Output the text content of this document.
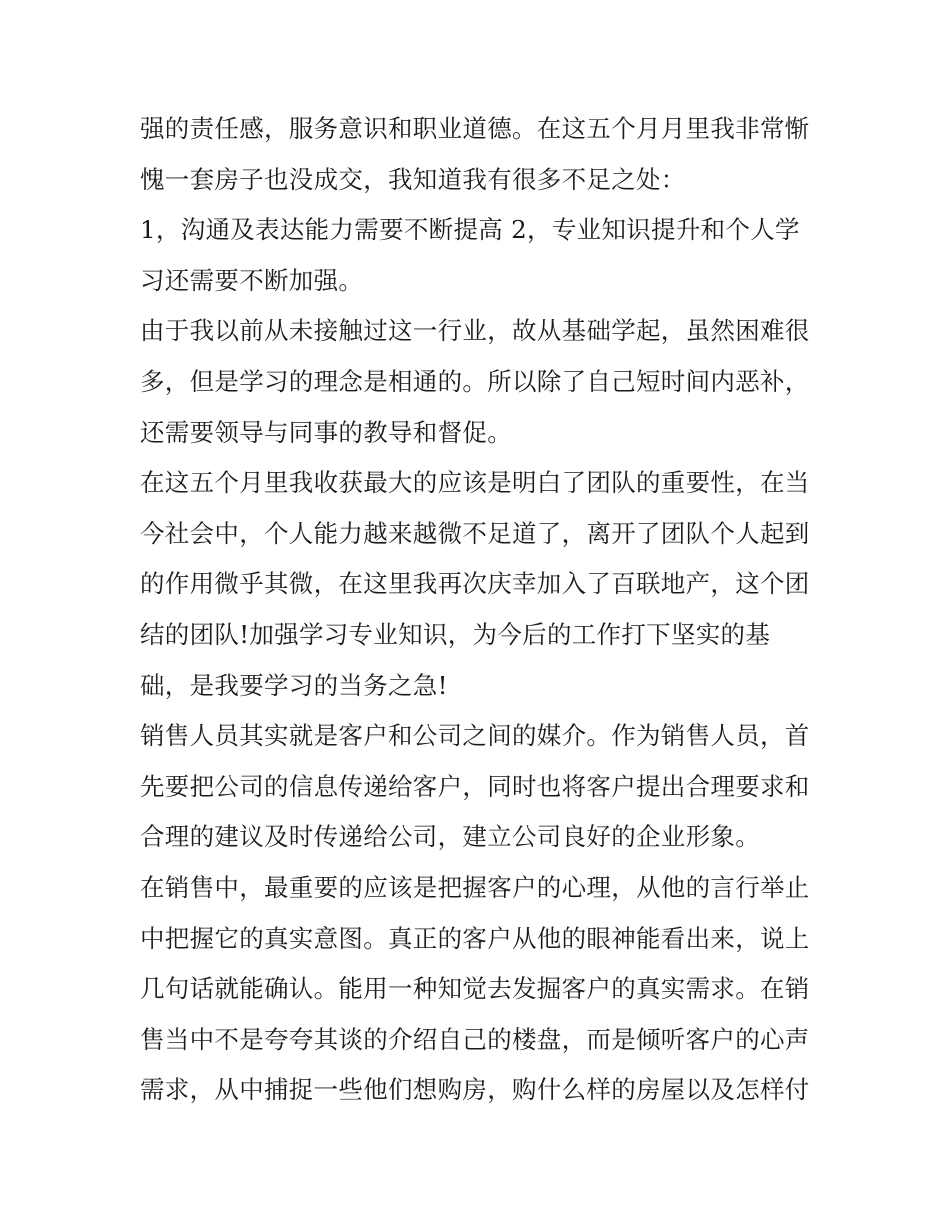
强的责任感，服务意识和职业道德。在这五个月月里我非常惭
愧一套房子也没成交，我知道我有很多不足之处：
1，沟通及表达能力需要不断提高 2，专业知识提升和个人学
习还需要不断加强。
由于我以前从未接触过这一行业，故从基础学起，虽然困难很
多，但是学习的理念是相通的。所以除了自己短时间内恶补，
还需要领导与同事的教导和督促。
在这五个月里我收获最大的应该是明白了团队的重要性，在当
今社会中，个人能力越来越微不足道了，离开了团队个人起到
的作用微乎其微，在这里我再次庆幸加入了百联地产，这个团
结的团队!加强学习专业知识，为今后的工作打下坚实的基
础，是我要学习的当务之急!
销售人员其实就是客户和公司之间的媒介。作为销售人员，首
先要把公司的信息传递给客户，同时也将客户提出合理要求和
合理的建议及时传递给公司，建立公司良好的企业形象。
在销售中，最重要的应该是把握客户的心理，从他的言行举止
中把握它的真实意图。真正的客户从他的眼神能看出来，说上
几句话就能确认。能用一种知觉去发掘客户的真实需求。在销
售当中不是夸夸其谈的介绍自己的楼盘，而是倾听客户的心声
需求，从中捕捉一些他们想购房，购什么样的房屋以及怎样付
